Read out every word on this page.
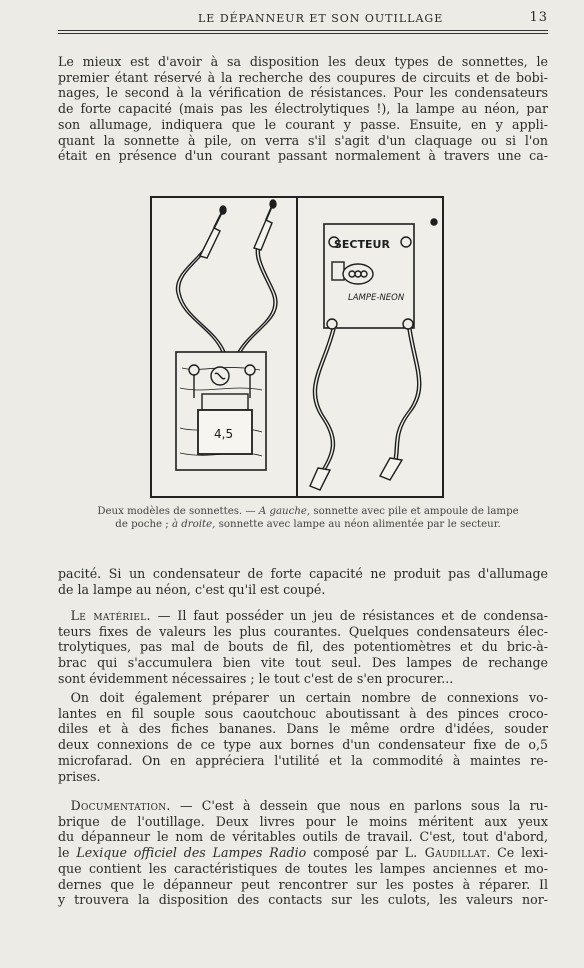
LE DÉPANNEUR ET SON OUTILLAGE	13
Le mieux est d'avoir à sa disposition les deux types de sonnettes, le
premier étant réservé à la recherche des coupures de circuits et de bobi-
nages, le second à la vérification de résistances. Pour les condensateurs
de forte capacité (mais pas les électrolytiques !), la lampe au néon, par
son allumage, indiquera que le courant y passe. Ensuite, en y appli-
quant la sonnette à pile, on verra s'il s'agit d'un claquage ou si l'on
était en présence d'un courant passant normalement à travers une ca-
4,5
SECTEUR
LAMPE-NEON
Deux modèles de sonnettes. — A gauche, sonnette avec pile et ampoule de lampe
de poche ; à droite, sonnette avec lampe au néon alimentée par le secteur.
pacité. Si un condensateur de forte capacité ne produit pas d'allumage
de la lampe au néon, c'est qu'il est coupé.
 Le matériel. — Il faut posséder un jeu de résistances et de condensa-
teurs fixes de valeurs les plus courantes. Quelques condensateurs élec-
trolytiques, pas mal de bouts de fil, des potentiomètres et du bric-à-
brac qui s'accumulera bien vite tout seul. Des lampes de rechange
sont évidemment nécessaires ; le tout c'est de s'en procurer...
 On doit également préparer un certain nombre de connexions vo-
lantes en fil souple sous caoutchouc aboutissant à des pinces croco-
diles et à des fiches bananes. Dans le même ordre d'idées, souder
deux connexions de ce type aux bornes d'un condensateur fixe de o,5
microfarad. On en appréciera l'utilité et la commodité à maintes re-
prises.
 Documentation. — C'est à dessein que nous en parlons sous la ru-
brique de l'outillage. Deux livres pour le moins méritent aux yeux
du dépanneur le nom de véritables outils de travail. C'est, tout d'abord,
le Lexique officiel des Lampes Radio composé par L. Gaudillat. Ce lexi-
que contient les caractéristiques de toutes les lampes anciennes et mo-
dernes que le dépanneur peut rencontrer sur les postes à réparer. Il
y trouvera la disposition des contacts sur les culots, les valeurs nor-
